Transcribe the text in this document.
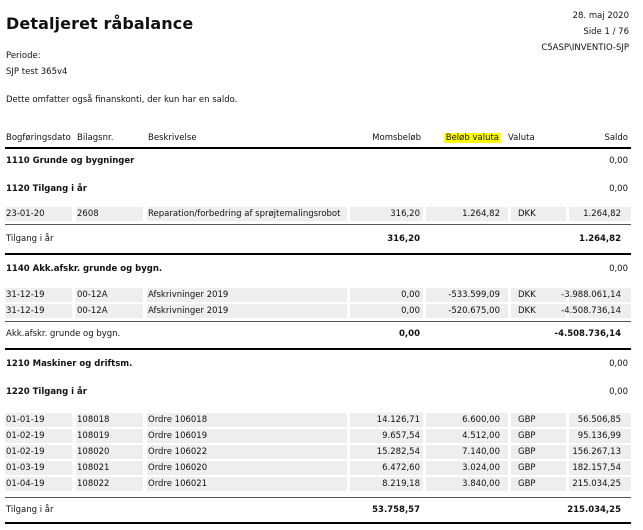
Detaljeret råbalance	28. maj 2020
Side 1 / 76
C5ASP\INVENTIO-SJP
Periode:
SJP test 365v4
Dette omfatter også finanskonti, der kun har en saldo.
Bogføringsdato Bilagsnr.	Beskrivelse	Momsbeløb	Beløb valuta Valuta	Saldo
1110 Grunde og bygninger	0,00
1120 Tilgang i år	0,00
23-01-20	2608	Reparation/forbedring af sprøjtemalingsrobot	316,20	1.264,82 DKK	1.264,82
Tilgang i år	316,20	1.264,82
1140 Akk.afskr. grunde og bygn.	0,00
31-12-19	00-12A	Afskrivninger 2019	0,00	-533.599,09 DKK	-3.988.061,14
31-12-19	00-12A	Afskrivninger 2019	0,00	-520.675,00 DKK	-4.508.736,14
Akk.afskr. grunde og bygn.	0,00	-4.508.736,14
1210 Maskiner og driftsm.	0,00
1220 Tilgang i år	0,00
01-01-19	108018	Ordre 106018	14.126,71	6.600,00 GBP	56.506,85
01-02-19	108019	Ordre 106019	9.657,54	4.512,00 GBP	95.136,99
01-02-19	108020	Ordre 106022	15.282,54	7.140,00 GBP	156.267,13
01-03-19	108021	Ordre 106020	6.472,60	3.024,00 GBP	182.157,54
01-04-19	108022	Ordre 106021	8.219,18	3.840,00 GBP	215.034,25
Tilgang i år	53.758,57	215.034,25
